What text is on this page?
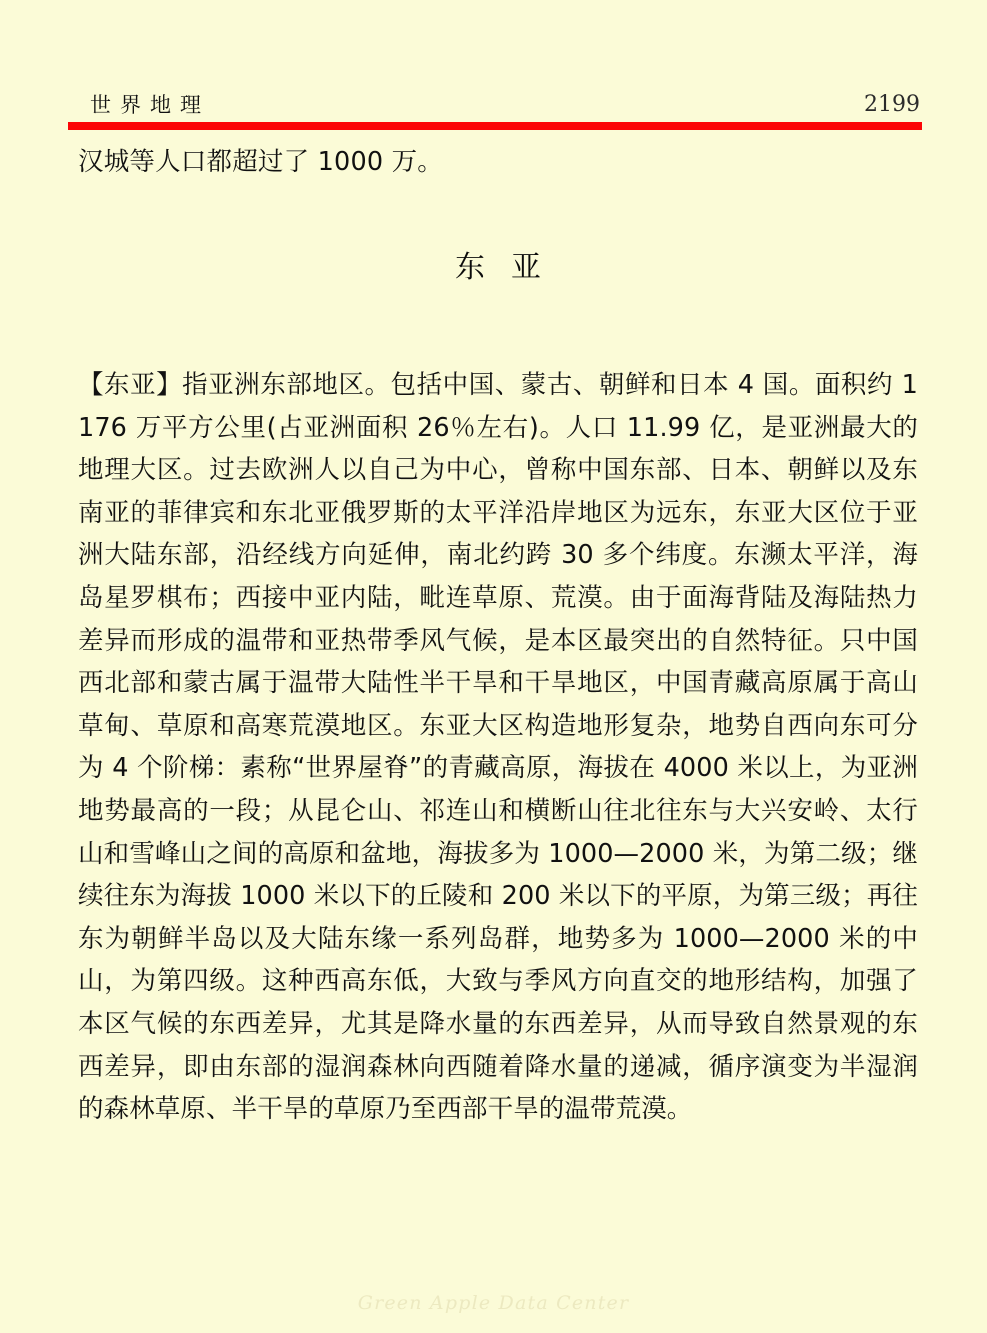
世界地理	2199
汉城等人口都超过了 1000 万。
东亚

【东亚】指亚洲东部地区。包括中国、蒙古、朝鲜和日本 4 国。面积约 1176 万平方公里(占亚洲面积 26％左右)。人口 11.99 亿，是亚洲最大的地理大区。过去欧洲人以自己为中心，曾称中国东部、日本、朝鲜以及东南亚的菲律宾和东北亚俄罗斯的太平洋沿岸地区为远东，东亚大区位于亚洲大陆东部，沿经线方向延伸，南北约跨 30 多个纬度。东濒太平洋，海岛星罗棋布；西接中亚内陆，毗连草原、荒漠。由于面海背陆及海陆热力差异而形成的温带和亚热带季风气候，是本区最突出的自然特征。只中国西北部和蒙古属于温带大陆性半干旱和干旱地区，中国青藏高原属于高山草甸、草原和高寒荒漠地区。东亚大区构造地形复杂，地势自西向东可分为 4 个阶梯：素称“世界屋脊”的青藏高原，海拔在 4000 米以上，为亚洲地势最高的一段；从昆仑山、祁连山和横断山往北往东与大兴安岭、太行山和雪峰山之间的高原和盆地，海拔多为 1000—2000 米，为第二级；继续往东为海拔 1000 米以下的丘陵和 200 米以下的平原，为第三级；再往东为朝鲜半岛以及大陆东缘一系列岛群，地势多为 1000—2000 米的中山，为第四级。这种西高东低，大致与季风方向直交的地形结构，加强了本区气候的东西差异，尤其是降水量的东西差异，从而导致自然景观的东西差异，即由东部的湿润森林向西随着降水量的递减，循序演变为半湿润的森林草原、半干旱的草原乃至西部干旱的温带荒漠。

Green Apple Data Center
